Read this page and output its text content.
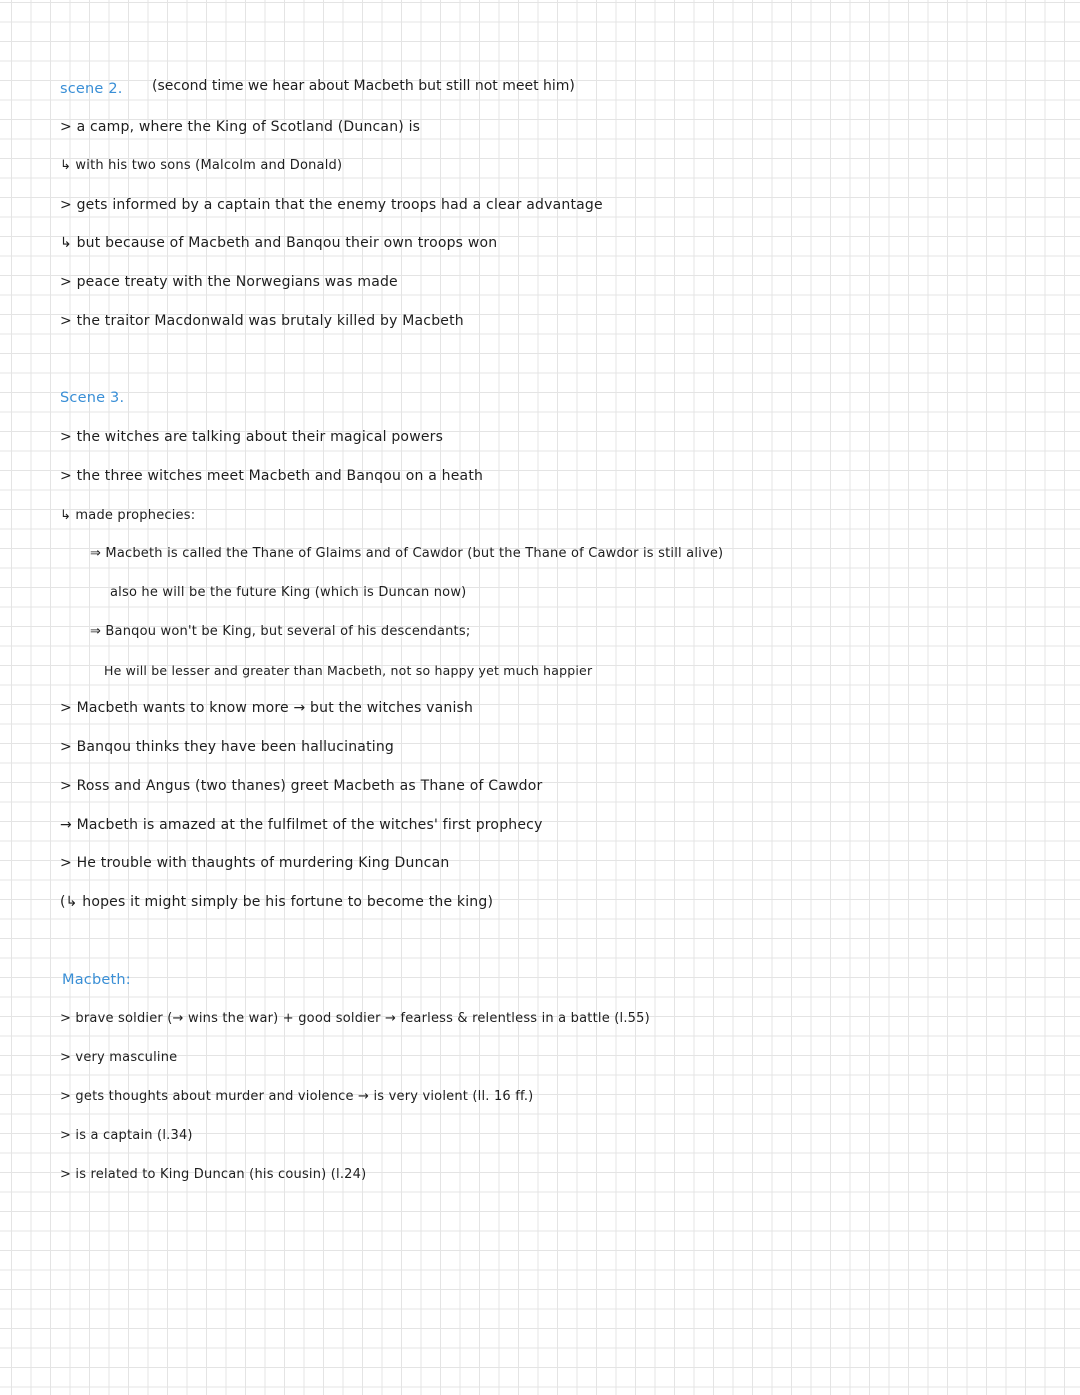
scene 2. (second time we hear about Macbeth but still not meet him)
> a camp, where the King of Scotland (Duncan) is
↳ with his two sons (Malcolm and Donald)
> gets informed by a captain that the enemy troops had a clear advantage
↳ but because of Macbeth and Banqou their own troops won
> peace treaty with the Norwegians was made
> the traitor Macdonwald was brutaly killed by Macbeth
Scene 3.
> the witches are talking about their magical powers
> the three witches meet Macbeth and Banqou on a heath
↳ made prophecies:
⇒ Macbeth is called the Thane of Glaims and of Cawdor (but the Thane of Cawdor is still alive)
also he will be the future King (which is Duncan now)
⇒ Banqou won't be King, but several of his descendants;
He will be lesser and greater than Macbeth, not so happy yet much happier
> Macbeth wants to know more → but the witches vanish
> Banqou thinks they have been hallucinating
> Ross and Angus (two thanes) greet Macbeth as Thane of Cawdor
→ Macbeth is amazed at the fulfilmet of the witches' first prophecy
> He trouble with thaughts of murdering King Duncan
(↳ hopes it might simply be his fortune to become the king)
Macbeth:
> brave soldier (→ wins the war) + good soldier → fearless & relentless in a battle (l.55)
> very masculine
> gets thoughts about murder and violence → is very violent (ll. 16 ff.)
> is a captain (l.34)
> is related to King Duncan (his cousin) (l.24)
